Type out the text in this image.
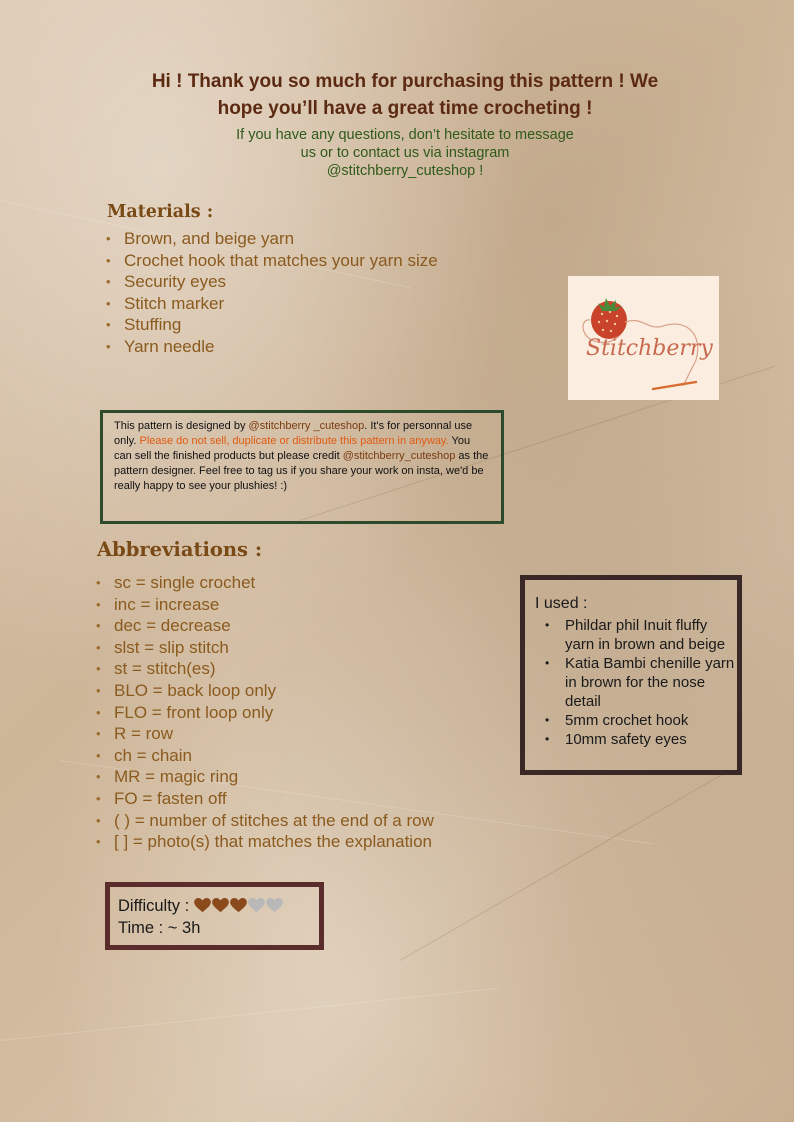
Hi ! Thank you so much for purchasing this pattern ! We
hope you’ll have a great time crocheting !
If you have any questions, don’t hesitate to message
us or to contact us via instagram
@stitchberry_cuteshop !
Materials :
• Brown, and beige yarn
• Crochet hook that matches your yarn size
• Security eyes
• Stitch marker
• Stuffing
• Yarn needle	Stitchberry
This pattern is designed by @stitchberry _cuteshop. It's for personnal use only. Please do not sell, duplicate or distribute this pattern in anyway. You can sell the finished products but please credit @stitchberry_cuteshop as the pattern designer. Feel free to tag us if you share your work on insta, we'd be really happy to see your plushies! :)
Abbreviations :
• sc = single crochet
• inc = increase
• dec = decrease
• slst = slip stitch
• st = stitch(es)
• BLO = back loop only
• FLO = front loop only
• R = row
• ch = chain
• MR = magic ring
• FO = fasten off
• ( ) = number of stitches at the end of a row
• [ ] = photo(s) that matches the explanation
I used :
• Phildar phil Inuit fluffy yarn in brown and beige
• Katia Bambi chenille yarn in brown for the nose detail
• 5mm crochet hook
• 10mm safety eyes
Difficulty :
Time : ~ 3h
